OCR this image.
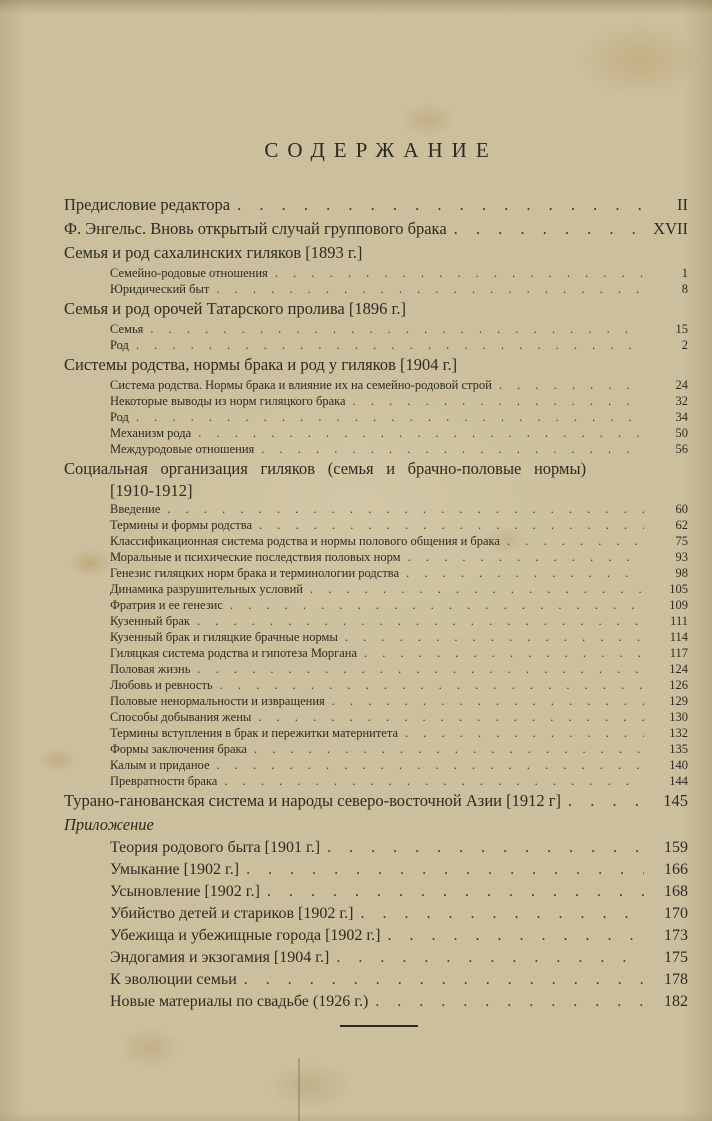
СОДЕРЖАНИЕ
Предисловие редактора . . .	II
Ф. Энгельс. Вновь открытый случай группового брака . . .	XVII
Семья и род сахалинских гиляков [1893 г.]
Семейно-родовые отношения . . .	1
Юридический быт . . .	8
Семья и род орочей Татарского пролива [1896 г.]
Семья . . .	15
Род . . .	2
Системы родства, нормы брака и род у гиляков [1904 г.]
Система родства. Нормы брака и влияние их на семейно-родовой строй . . .	24
Некоторые выводы из норм гиляцкого брака . . .	32
Род . . .	34
Механизм рода . . .	50
Междуродовые отношения . . .	56
Социальная организация гиляков (семья и брачно-половые нормы)
[1910-1912]
Введение . . .	60
Термины и формы родства . . .	62
Классификационная система родства и нормы полового общения и брака . . .	75
Моральные и психические последствия половых норм . . .	93
Генезис гиляцких норм брака и терминологии родства . . .	98
Динамика разрушительных условий . . .	105
Фратрия и ее генезис . . .	109
Кузенный брак . . .	111
Кузенный брак и гиляцкие брачные нормы . . .	114
Гиляцкая система родства и гипотеза Моргана . . .	117
Половая жизнь . . .	124
Любовь и ревность . . .	126
Половые ненормальности и извращения . . .	129
Способы добывания жены . . .	130
Термины вступления в брак и пережитки матернитета . . .	132
Формы заключения брака . . .	135
Калым и приданое . . .	140
Превратности брака . . .	144
Турано-ганованская система и народы северо-восточной Азии [1912 г] . . .	145
Приложение
Теория родового быта [1901 г.] . . .	159
Умыкание [1902 г.] . . .	166
Усыновление [1902 г.] . . .	168
Убийство детей и стариков [1902 г.] . . .	170
Убежища и убежищные города [1902 г.] . . .	173
Эндогамия и экзогамия [1904 г.] . . .	175
К эволюции семьи . . .	178
Новые материалы по свадьбе (1926 г.) . . .	182
